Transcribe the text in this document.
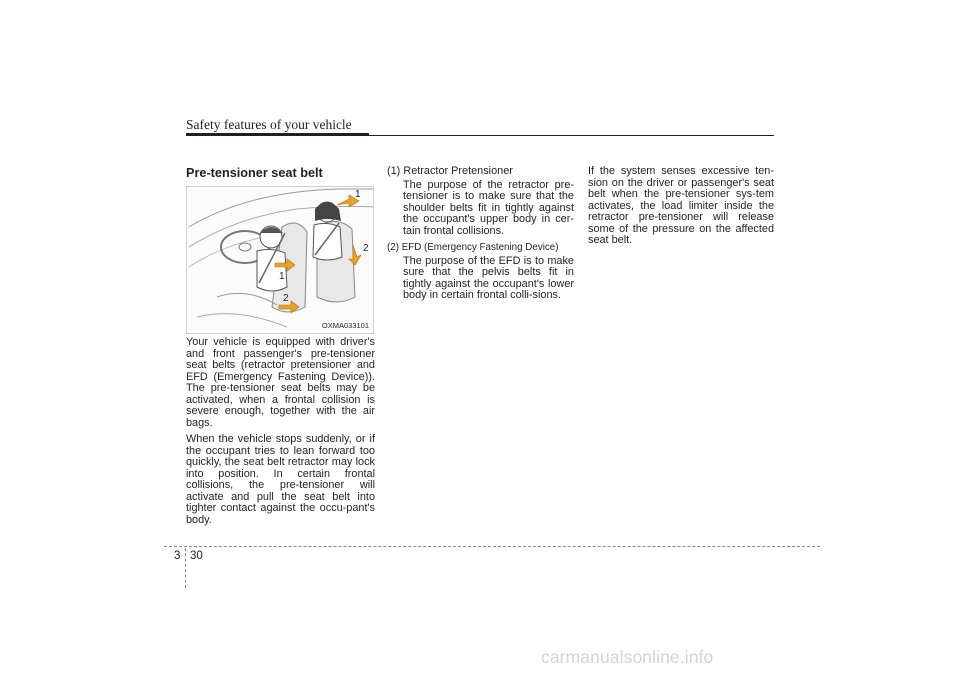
Safety features of your vehicle
Pre-tensioner seat belt
1
2
1
2
OXMA033101

Your vehicle is equipped with driver's and front passenger's pre-tensioner seat belts (retractor pretensioner and EFD (Emergency Fastening Device)). The pre-tensioner seat belts may be activated, when a frontal collision is severe enough, together with the air bags.

When the vehicle stops suddenly, or if the occupant tries to lean forward too quickly, the seat belt retractor may lock into position. In certain frontal collisions, the pre-tensioner will activate and pull the seat belt into tighter contact against the occu-pant's body.

(1) Retractor Pretensioner
The purpose of the retractor pre-tensioner is to make sure that the shoulder belts fit in tightly against the occupant's upper body in cer-tain frontal collisions.
(2) EFD (Emergency Fastening Device)
The purpose of the EFD is to make sure that the pelvis belts fit in tightly against the occupant's lower body in certain frontal colli-sions.

If the system senses excessive ten-sion on the driver or passenger's seat belt when the pre-tensioner sys-tem activates, the load limiter inside the retractor pre-tensioner will release some of the pressure on the affected seat belt.

3 30
carmanualsonline.info
